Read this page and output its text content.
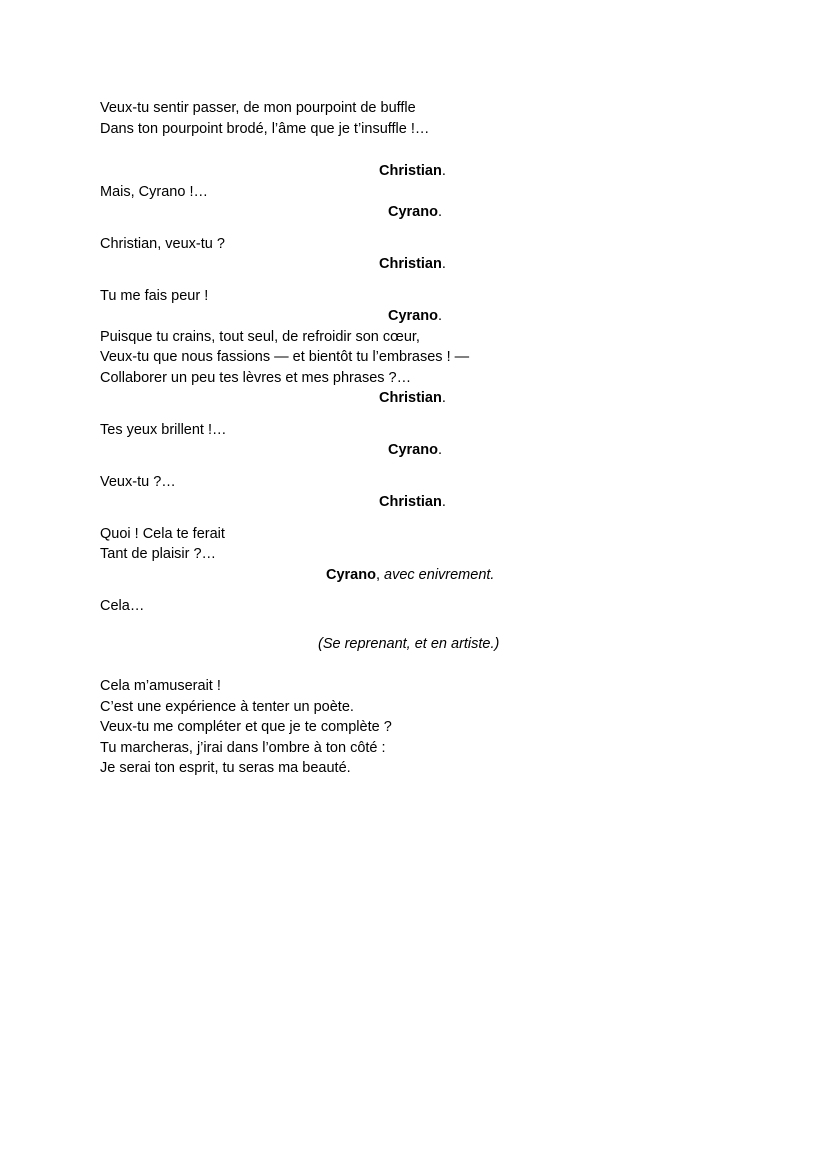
Veux-tu sentir passer, de mon pourpoint de buffle
Dans ton pourpoint brodé, l’âme que je t’insuffle !…
Christian.
Mais, Cyrano !…
Cyrano.
Christian, veux-tu ?
Christian.
Tu me fais peur !
Cyrano.
Puisque tu crains, tout seul, de refroidir son cœur,
Veux-tu que nous fassions — et bientôt tu l’embrases ! —
Collaborer un peu tes lèvres et mes phrases ?…
Christian.
Tes yeux brillent !…
Cyrano.
Veux-tu ?…
Christian.
Quoi ! Cela te ferait
Tant de plaisir ?…
Cyrano, avec enivrement.
Cela…
(Se reprenant, et en artiste.)
Cela m’amuserait !
C’est une expérience à tenter un poète.
Veux-tu me compléter et que je te complète ?
Tu marcheras, j’irai dans l’ombre à ton côté :
Je serai ton esprit, tu seras ma beauté.
